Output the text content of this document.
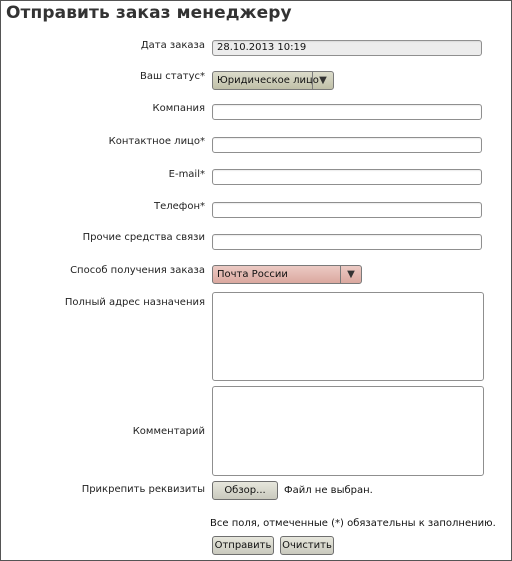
Отправить заказ менеджеру
Дата заказа 28.10.2013 10:19
Ваш статус* Юридическое лицо ▼
Компания
Контактное лицо*
E-mail*
Телефон*
Прочие средства связи
Способ получения заказа Почта России	▼
Полный адрес назначения
Комментарий
Прикрепить реквизиты	Обзор...	Файл не выбран.
Все поля, отмеченные (*) обязательны к заполнению.
Отправить Очистить
